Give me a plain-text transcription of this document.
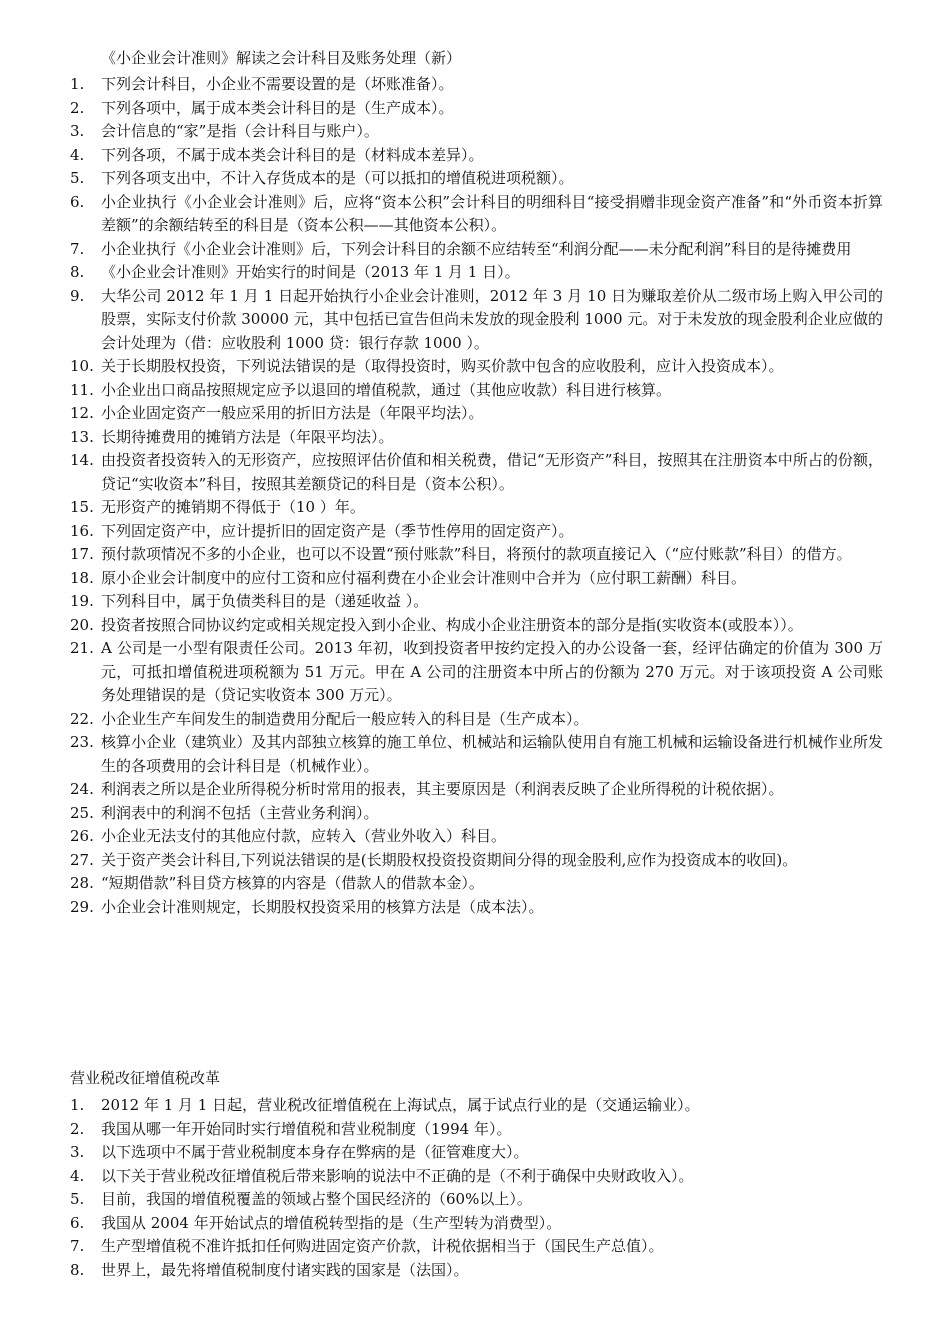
《小企业会计准则》解读之会计科目及账务处理（新）
1.	下列会计科目，小企业不需要设置的是（坏账准备）。
2.	下列各项中，属于成本类会计科目的是（生产成本）。
3.	会计信息的“家”是指（会计科目与账户）。
4.	下列各项，不属于成本类会计科目的是（材料成本差异）。
5.	下列各项支出中，不计入存货成本的是（可以抵扣的增值税进项税额）。
6.	小企业执行《小企业会计准则》后，应将“资本公积”会计科目的明细科目“接受捐赠非现金资产准备”和“外币资本折算差额”的余额结转至的科目是（资本公积——其他资本公积）。
7.	小企业执行《小企业会计准则》后，下列会计科目的余额不应结转至“利润分配——未分配利润”科目的是待摊费用
8.	《小企业会计准则》开始实行的时间是（2013 年 1 月 1 日）。
9.	大华公司 2012 年 1 月 1 日起开始执行小企业会计准则，2012 年 3 月 10 日为赚取差价从二级市场上购入甲公司的股票，实际支付价款 30000 元，其中包括已宣告但尚未发放的现金股利 1000 元。对于未发放的现金股利企业应做的会计处理为（借：应收股利 1000 贷：银行存款 1000 ）。
10. 关于长期股权投资，下列说法错误的是（取得投资时，购买价款中包含的应收股利，应计入投资成本）。
11. 小企业出口商品按照规定应予以退回的增值税款，通过（其他应收款）科目进行核算。
12. 小企业固定资产一般应采用的折旧方法是（年限平均法）。
13. 长期待摊费用的摊销方法是（年限平均法）。
14. 由投资者投资转入的无形资产，应按照评估价值和相关税费，借记“无形资产”科目，按照其在注册资本中所占的份额，贷记“实收资本”科目，按照其差额贷记的科目是（资本公积）。
15. 无形资产的摊销期不得低于（10 ）年。
16. 下列固定资产中，应计提折旧的固定资产是（季节性停用的固定资产）。
17. 预付款项情况不多的小企业，也可以不设置“预付账款”科目，将预付的款项直接记入（“应付账款”科目）的借方。
18. 原小企业会计制度中的应付工资和应付福利费在小企业会计准则中合并为（应付职工薪酬）科目。
19. 下列科目中，属于负债类科目的是（递延收益 ）。
20. 投资者按照合同协议约定或相关规定投入到小企业、构成小企业注册资本的部分是指(实收资本(或股本））。
21. A 公司是一小型有限责任公司。2013 年初，收到投资者甲按约定投入的办公设备一套，经评估确定的价值为 300 万元，可抵扣增值税进项税额为 51 万元。甲在 A 公司的注册资本中所占的份额为 270 万元。对于该项投资 A 公司账务处理错误的是（贷记实收资本 300 万元）。
22. 小企业生产车间发生的制造费用分配后一般应转入的科目是（生产成本）。
23. 核算小企业（建筑业）及其内部独立核算的施工单位、机械站和运输队使用自有施工机械和运输设备进行机械作业所发生的各项费用的会计科目是（机械作业）。
24. 利润表之所以是企业所得税分析时常用的报表，其主要原因是（利润表反映了企业所得税的计税依据）。
25. 利润表中的利润不包括（主营业务利润）。
26. 小企业无法支付的其他应付款，应转入（营业外收入）科目。
27. 关于资产类会计科目,下列说法错误的是(长期股权投资投资期间分得的现金股利,应作为投资成本的收回)。
28. “短期借款”科目贷方核算的内容是（借款人的借款本金）。
29. 小企业会计准则规定，长期股权投资采用的核算方法是（成本法）。
营业税改征增值税改革
1.	2012 年 1 月 1 日起，营业税改征增值税在上海试点，属于试点行业的是（交通运输业）。
2.	我国从哪一年开始同时实行增值税和营业税制度（1994 年）。
3.	以下选项中不属于营业税制度本身存在弊病的是（征管难度大）。
4.	以下关于营业税改征增值税后带来影响的说法中不正确的是（不利于确保中央财政收入）。
5.	目前，我国的增值税覆盖的领域占整个国民经济的（60%以上）。
6.	我国从 2004 年开始试点的增值税转型指的是（生产型转为消费型）。
7.	生产型增值税不准许抵扣任何购进固定资产价款，计税依据相当于（国民生产总值）。
8.	世界上，最先将增值税制度付诸实践的国家是（法国）。
